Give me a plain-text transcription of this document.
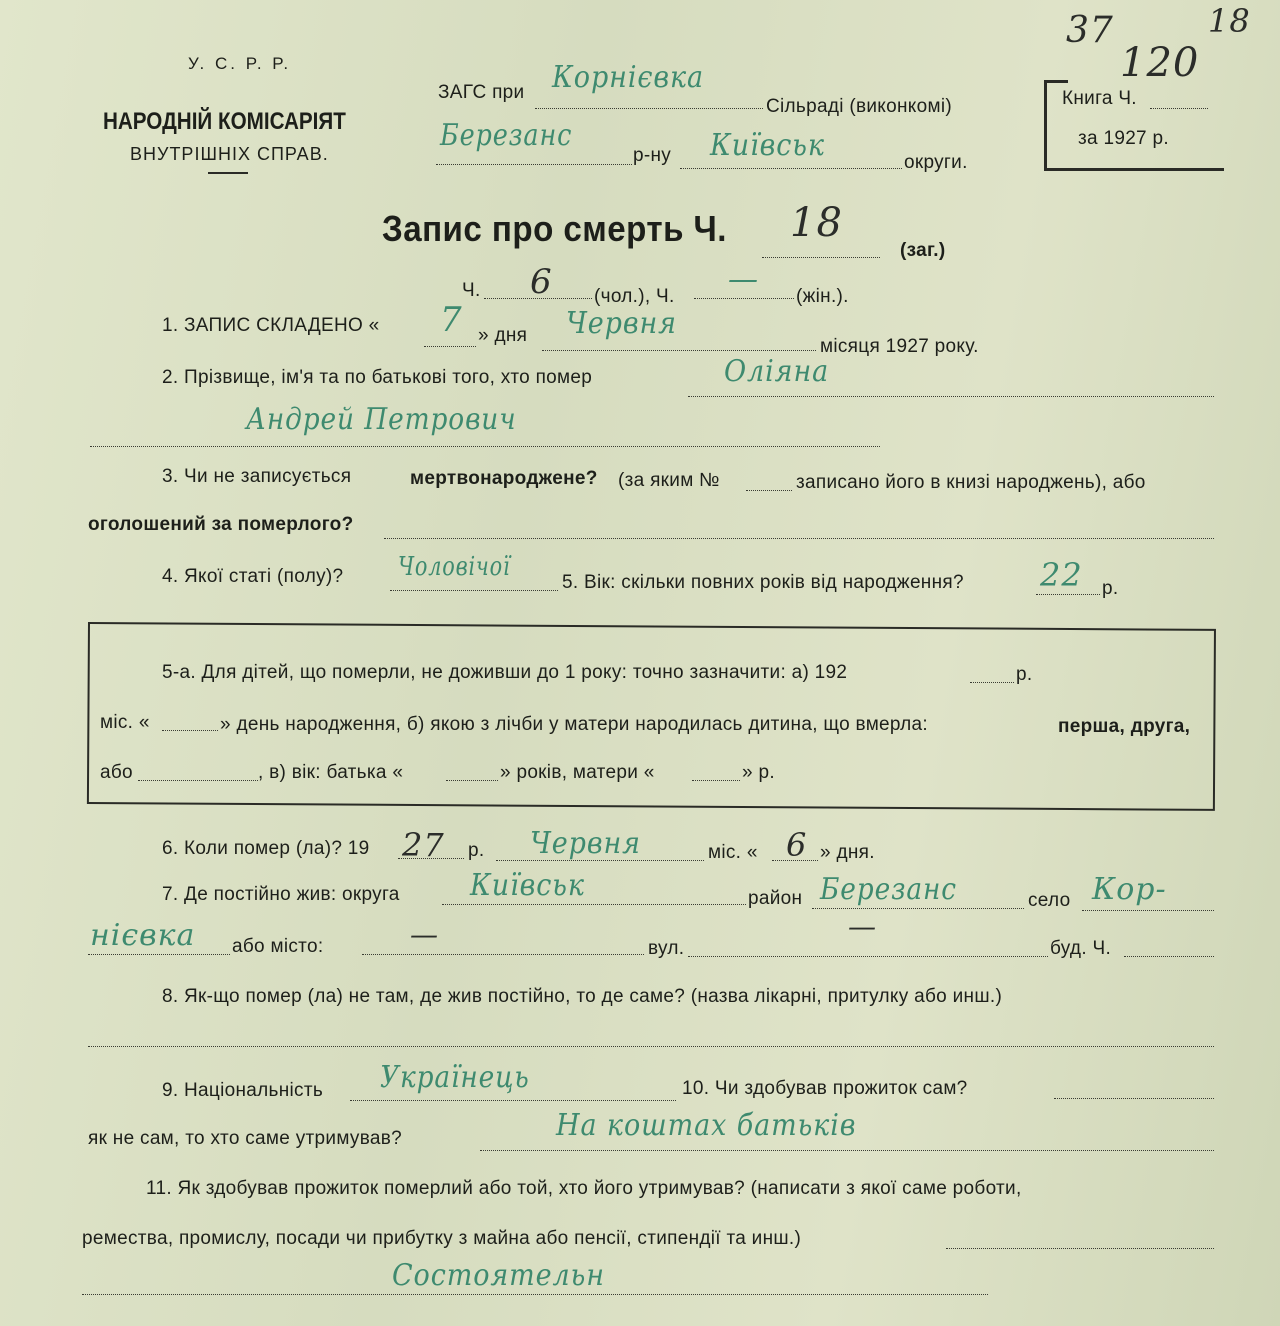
У. С. Р. Р.
НАРОДНІЙ КОМІСАРІЯТ
ВНУТРІШНІХ СПРАВ.
ЗАГС при Корнієвка
Сільраді (виконкомі)
Березанс
р-ну Київськ	округи.
37	18
Книга Ч.
120
за 1927 р.
Запис про смерть Ч. 18
(заг.)
Ч. 6 (чол.), Ч. — (жін.).
1. ЗАПИС СКЛАДЕНО « 7 » дня Червня
місяця 1927 року.
2. Прізвище, ім'я та по батькові того, хто помер	Оліяна
Андрей Петрович
3. Чи не записується	мертвонароджене? (за яким №	записано його в книзі народжень), або
оголошений за померлого?
4. Якої статі (полу)? Чоловічої
5. Вік: скільки повних років від народження? 22 р.
5-а. Для дітей, що померли, не доживши до 1 року: точно зазначити: а) 192	р.
міс. «	» день народження, б) якою з лічби у матери народилась дитина, що вмерла:	перша, друга,
або	, в) вік: батька «	» років, матери «	» р.
6. Коли помер (ла)? 19 27 р. Червня	міс. « 6 » дня.
7. Де постійно жив: округа Київськ	район Березанс	село Кор-
нієвка або місто:	—	вул.
—
буд. Ч.
8. Як-що помер (ла) не там, де жив постійно, то де саме? (назва лікарні, притулку або инш.)
9. Національність Українець	10. Чи здобував прожиток сам?
як не сам, то хто саме утримував?	На коштах батьків
11. Як здобував прожиток померлий або той, хто його утримував? (написати з якої саме роботи,
ремества, промислу, посади чи прибутку з майна або пенсії, стипендії та инш.)
Состоятельн
